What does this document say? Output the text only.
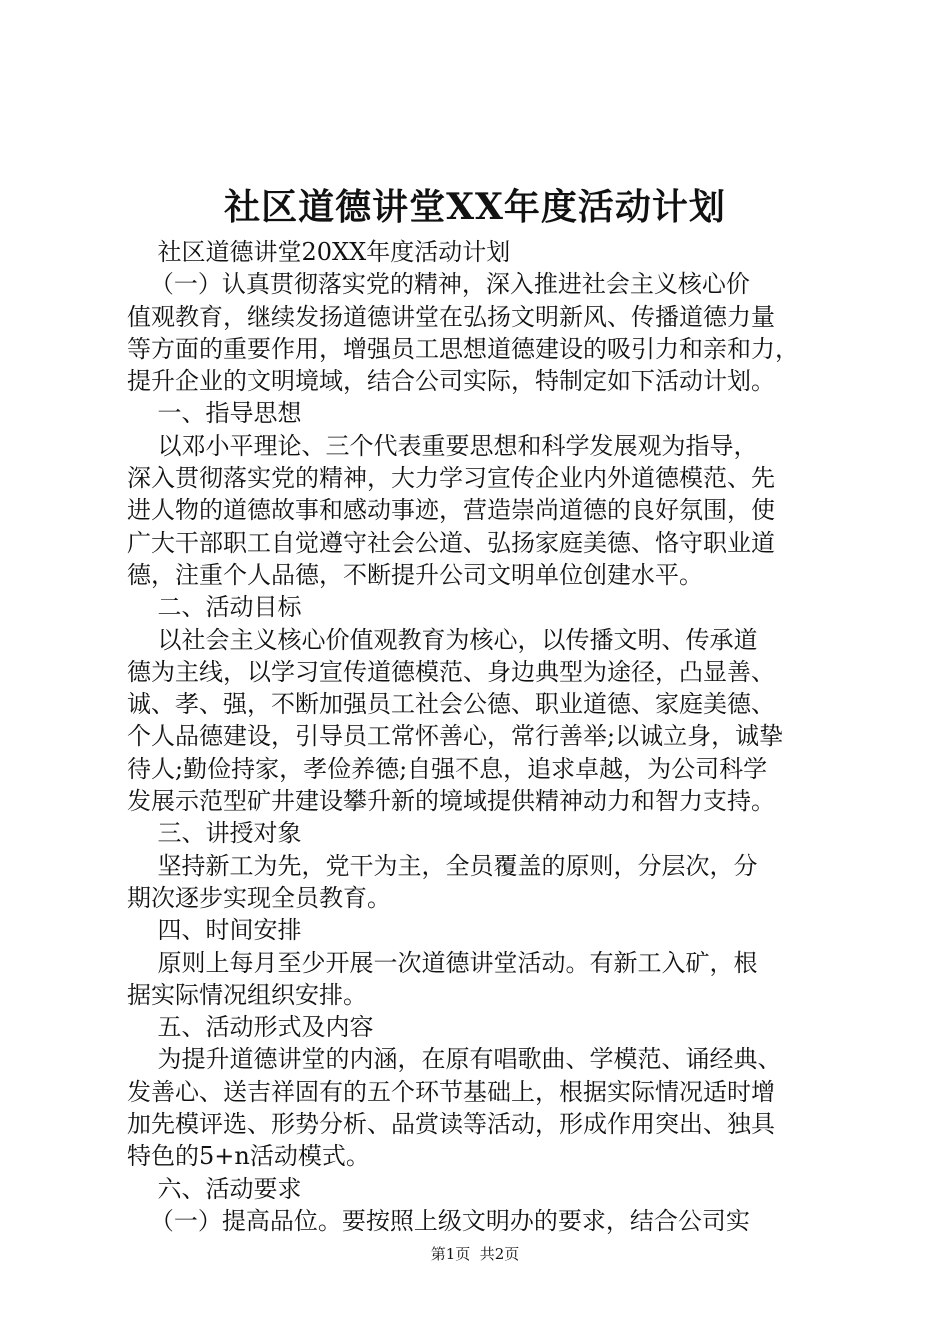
社区道德讲堂XX年度活动计划
社区道德讲堂20XX年度活动计划
（一）认真贯彻落实党的精神，深入推进社会主义核心价
值观教育，继续发扬道德讲堂在弘扬文明新风、传播道德力量
等方面的重要作用，增强员工思想道德建设的吸引力和亲和力，
提升企业的文明境域，结合公司实际，特制定如下活动计划。
一、指导思想
以邓小平理论、三个代表重要思想和科学发展观为指导，
深入贯彻落实党的精神，大力学习宣传企业内外道德模范、先
进人物的道德故事和感动事迹，营造崇尚道德的良好氛围，使
广大干部职工自觉遵守社会公道、弘扬家庭美德、恪守职业道
德，注重个人品德，不断提升公司文明单位创建水平。
二、活动目标
以社会主义核心价值观教育为核心，以传播文明、传承道
德为主线，以学习宣传道德模范、身边典型为途径，凸显善、
诚、孝、强，不断加强员工社会公德、职业道德、家庭美德、
个人品德建设，引导员工常怀善心，常行善举;以诚立身，诚挚
待人;勤俭持家，孝俭养德;自强不息，追求卓越，为公司科学
发展示范型矿井建设攀升新的境域提供精神动力和智力支持。
三、讲授对象
坚持新工为先，党干为主，全员覆盖的原则，分层次，分
期次逐步实现全员教育。
四、时间安排
原则上每月至少开展一次道德讲堂活动。有新工入矿，根
据实际情况组织安排。
五、活动形式及内容
为提升道德讲堂的内涵，在原有唱歌曲、学模范、诵经典、
发善心、送吉祥固有的五个环节基础上，根据实际情况适时增
加先模评选、形势分析、品赏读等活动，形成作用突出、独具
特色的5+n活动模式。
六、活动要求
（一）提高品位。要按照上级文明办的要求，结合公司实
第1页  共2页
